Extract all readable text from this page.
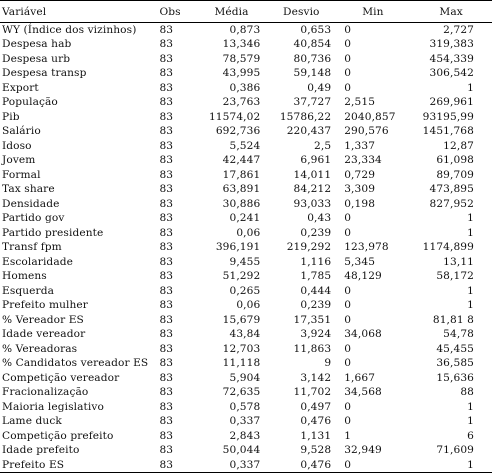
Variável	Obs	Média	Desvio	Min	Max
WY (Índice dos vizinhos)	83	0,873	0,653	0	2,727
Despesa hab	83	13,346	40,854	0	319,383
Despesa urb	83	78,579	80,736	0	454,339
Despesa transp	83	43,995	59,148	0	306,542
Export	83	0,386	0,49	0	1
População	83	23,763	37,727	2,515	269,961
Pib	83	11574,02	15786,22	2040,857	93195,99
Salário	83	692,736	220,437	290,576	1451,768
Idoso	83	5,524	2,5	1,337	12,87
Jovem	83	42,447	6,961	23,334	61,098
Formal	83	17,861	14,011	0,729	89,709
Tax share	83	63,891	84,212	3,309	473,895
Densidade	83	30,886	93,033	0,198	827,952
Partido gov	83	0,241	0,43	0	1
Partido presidente	83	0,06	0,239	0	1
Transf fpm	83	396,191	219,292	123,978	1174,899
Escolaridade	83	9,455	1,116	5,345	13,11
Homens	83	51,292	1,785	48,129	58,172
Esquerda	83	0,265	0,444	0	1
Prefeito mulher	83	0,06	0,239	0	1
% Vereador ES	83	15,679	17,351	0	81,81 8
Idade vereador	83	43,84	3,924	34,068	54,78
% Vereadoras	83	12,703	11,863	0	45,455
% Candidatos vereador ES	83	11,118	9	0	36,585
Competição vereador	83	5,904	3,142	1,667	15,636
Fracionalização	83	72,635	11,702	34,568	88
Maioria legislativo	83	0,578	0,497	0	1
Lame duck	83	0,337	0,476	0	1
Competição prefeito	83	2,843	1,131	1	6
Idade prefeito	83	50,044	9,528	32,949	71,609
Prefeito ES	83	0,337	0,476	0	1
